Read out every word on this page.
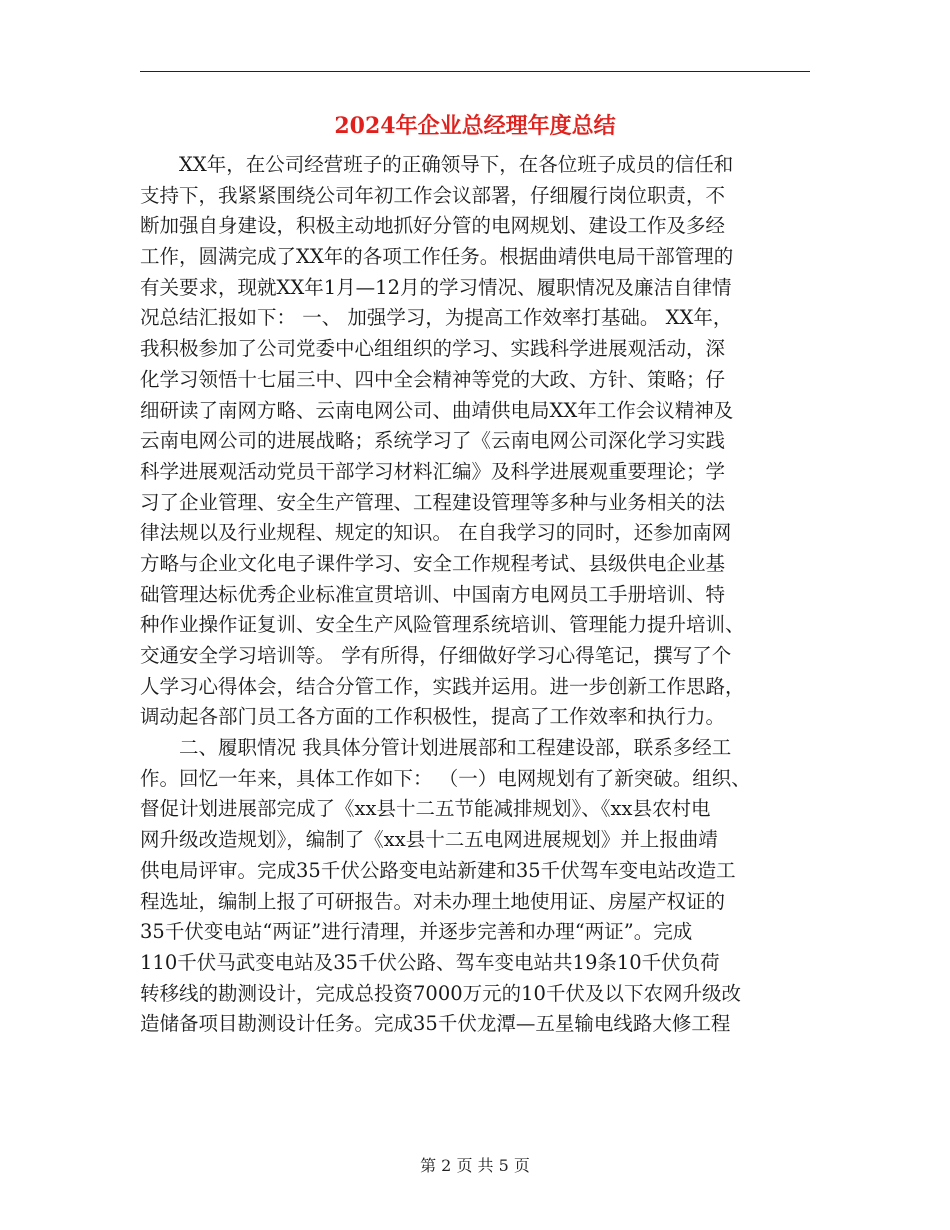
2024年企业总经理年度总结
　　XX年，在公司经营班子的正确领导下，在各位班子成员的信任和
支持下，我紧紧围绕公司年初工作会议部署，仔细履行岗位职责，不
断加强自身建设，积极主动地抓好分管的电网规划、建设工作及多经
工作，圆满完成了XX年的各项工作任务。根据曲靖供电局干部管理的
有关要求，现就XX年1月—12月的学习情况、履职情况及廉洁自律情
况总结汇报如下： 一、 加强学习，为提高工作效率打基础。 XX年，
我积极参加了公司党委中心组组织的学习、实践科学进展观活动，深
化学习领悟十七届三中、四中全会精神等党的大政、方针、策略；仔
细研读了南网方略、云南电网公司、曲靖供电局XX年工作会议精神及
云南电网公司的进展战略；系统学习了《云南电网公司深化学习实践
科学进展观活动党员干部学习材料汇编》及科学进展观重要理论；学
习了企业管理、安全生产管理、工程建设管理等多种与业务相关的法
律法规以及行业规程、规定的知识。 在自我学习的同时，还参加南网
方略与企业文化电子课件学习、安全工作规程考试、县级供电企业基
础管理达标优秀企业标准宣贯培训、中国南方电网员工手册培训、特
种作业操作证复训、安全生产风险管理系统培训、管理能力提升培训、
交通安全学习培训等。 学有所得，仔细做好学习心得笔记，撰写了个
人学习心得体会，结合分管工作，实践并运用。进一步创新工作思路，
调动起各部门员工各方面的工作积极性，提高了工作效率和执行力。
　　二、履职情况 我具体分管计划进展部和工程建设部，联系多经工
作。回忆一年来，具体工作如下： （一）电网规划有了新突破。组织、
督促计划进展部完成了《xx县十二五节能减排规划》、《xx县农村电
网升级改造规划》，编制了《xx县十二五电网进展规划》并上报曲靖
供电局评审。完成35千伏公路变电站新建和35千伏驾车变电站改造工
程选址，编制上报了可研报告。对未办理土地使用证、房屋产权证的
35千伏变电站“两证”进行清理，并逐步完善和办理“两证”。完成
110千伏马武变电站及35千伏公路、驾车变电站共19条10千伏负荷
转移线的勘测设计，完成总投资7000万元的10千伏及以下农网升级改
造储备项目勘测设计任务。完成35千伏龙潭—五星输电线路大修工程
第 2 页 共 5 页
